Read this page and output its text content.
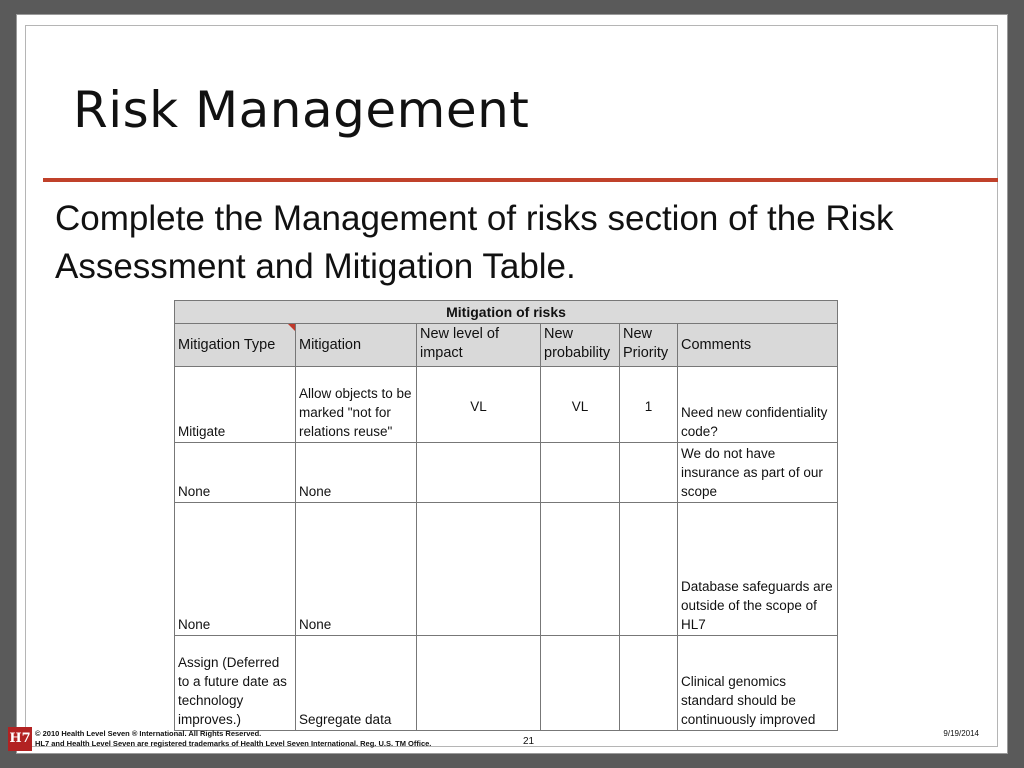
Risk Management

Complete the Management of risks section of the Risk Assessment and Mitigation Table.

Mitigation of risks					
Mitigation Type	Mitigation	New level of impact	New probability	New Priority	Comments
Mitigate	Allow objects to be marked "not for relations reuse"	VL	VL	1	Need new confidentiality code?
None	None				We do not have insurance as part of our scope
None	None				Database safeguards are outside of the scope of HL7
Assign (Deferred to a future date as technology improves.)	Segregate data				Clinical genomics standard should be continuously improved
H7 © 2010 Health Level Seven ® International. All Rights Reserved.
HL7 and Health Level Seven are registered trademarks of Health Level Seven International. Reg. U.S. TM Office.	21
9/19/2014
